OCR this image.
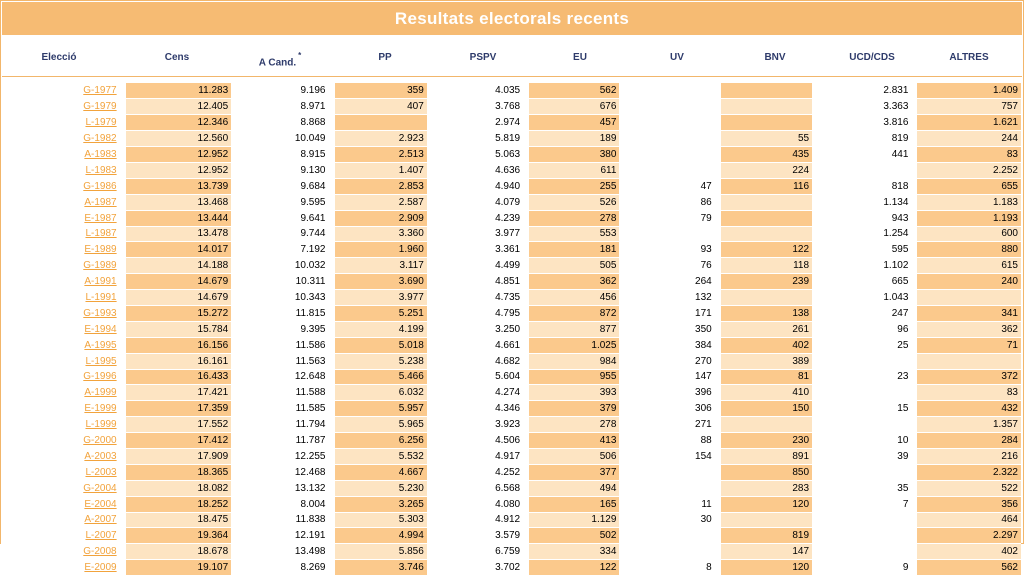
Resultats electorals recents
Elecció	Cens	A Cand.*	PP	PSPV	EU	UV	BNV	UCD/CDS	ALTRES
G-1977		11.283		9.196		359		4.035		562						2.831		1.409
G-1979		12.405		8.971		407		3.768		676						3.363		757
L-1979		12.346		8.868				2.974		457						3.816		1.621
G-1982		12.560		10.049		2.923		5.819		189				55		819		244
A-1983		12.952		8.915		2.513		5.063		380				435		441		83
L-1983		12.952		9.130		1.407		4.636		611				224				2.252
G-1986		13.739		9.684		2.853		4.940		255		47		116		818		655
A-1987		13.468		9.595		2.587		4.079		526		86				1.134		1.183
E-1987		13.444		9.641		2.909		4.239		278		79				943		1.193
L-1987		13.478		9.744		3.360		3.977		553						1.254		600
E-1989		14.017		7.192		1.960		3.361		181		93		122		595		880
G-1989		14.188		10.032		3.117		4.499		505		76		118		1.102		615
A-1991		14.679		10.311		3.690		4.851		362		264		239		665		240
L-1991		14.679		10.343		3.977		4.735		456		132				1.043		
G-1993		15.272		11.815		5.251		4.795		872		171		138		247		341
E-1994		15.784		9.395		4.199		3.250		877		350		261		96		362
A-1995		16.156		11.586		5.018		4.661		1.025		384		402		25		71
L-1995		16.161		11.563		5.238		4.682		984		270		389				
G-1996		16.433		12.648		5.466		5.604		955		147		81		23		372
A-1999		17.421		11.588		6.032		4.274		393		396		410				83
E-1999		17.359		11.585		5.957		4.346		379		306		150		15		432
L-1999		17.552		11.794		5.965		3.923		278		271						1.357
G-2000		17.412		11.787		6.256		4.506		413		88		230		10		284
A-2003		17.909		12.255		5.532		4.917		506		154		891		39		216
L-2003		18.365		12.468		4.667		4.252		377				850				2.322
G-2004		18.082		13.132		5.230		6.568		494				283		35		522
E-2004		18.252		8.004		3.265		4.080		165		11		120		7		356
A-2007		18.475		11.838		5.303		4.912		1.129		30						464
L-2007		19.364		12.191		4.994		3.579		502				819				2.297
G-2008		18.678		13.498		5.856		6.759		334				147				402
E-2009		19.107		8.269		3.746		3.702		122		8		120		9		562
